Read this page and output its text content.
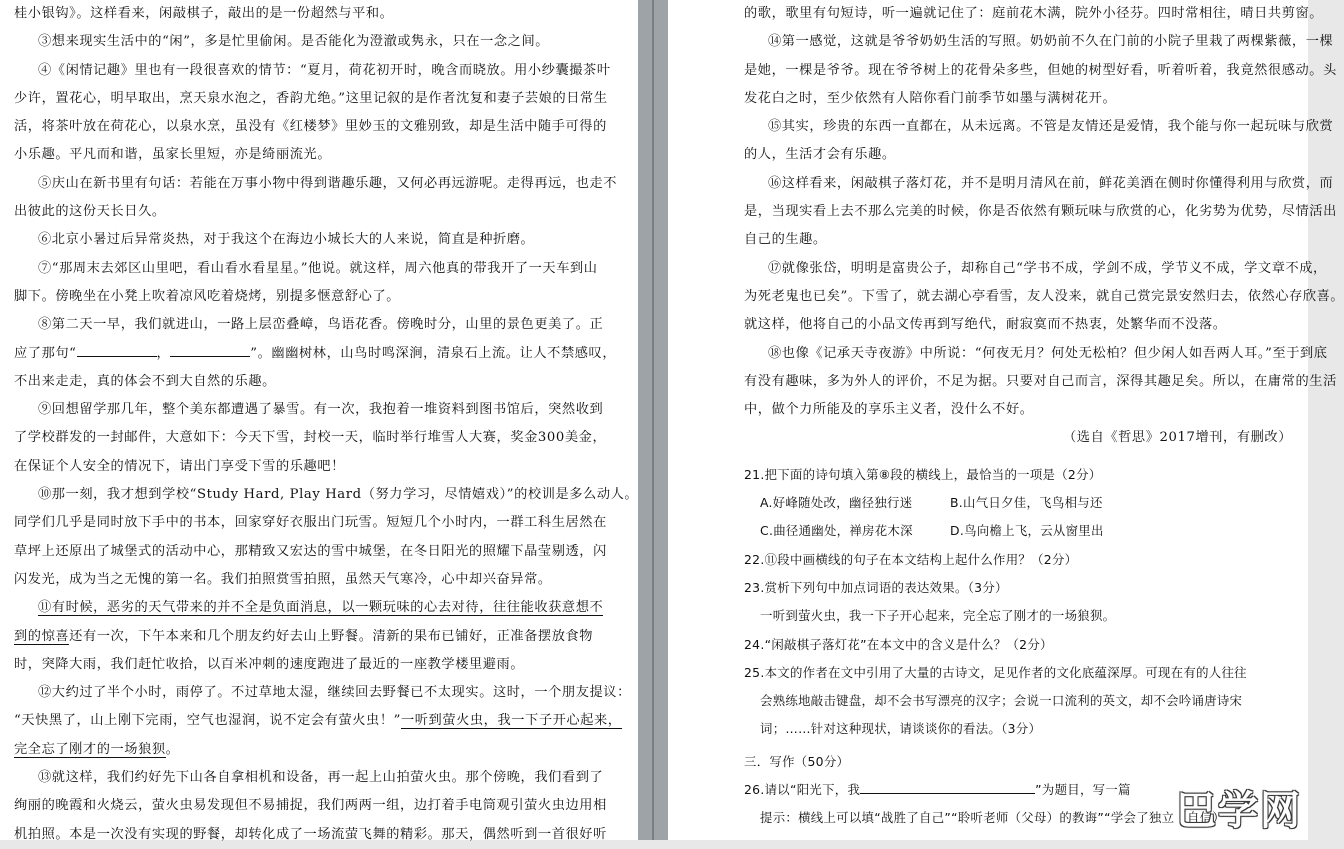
桂小银钩》。这样看来，闲敲棋子，敲出的是一份超然与平和。
③想来现实生活中的“闲”，多是忙里偷闲。是否能化为澄澈或隽永，只在一念之间。
④《闲情记趣》里也有一段很喜欢的情节：“夏月，荷花初开时，晚含而晓放。用小纱囊撮茶叶
少许，置花心，明早取出，烹天泉水泡之，香韵尤绝。”这里记叙的是作者沈复和妻子芸娘的日常生
活，将茶叶放在荷花心，以泉水烹，虽没有《红楼梦》里妙玉的文雅别致，却是生活中随手可得的
小乐趣。平凡而和谐，虽家长里短，亦是绮丽流光。
⑤庆山在新书里有句话：若能在万事小物中得到谐趣乐趣，又何必再远游呢。走得再远，也走不
出彼此的这份天长日久。
⑥北京小暑过后异常炎热，对于我这个在海边小城长大的人来说，简直是种折磨。
⑦“那周末去郊区山里吧，看山看水看星星。”他说。就这样，周六他真的带我开了一天车到山
脚下。傍晚坐在小凳上吹着凉风吃着烧烤，别提多惬意舒心了。
⑧第二天一早，我们就进山，一路上层峦叠嶂，鸟语花香。傍晚时分，山里的景色更美了。正
应了那句“	，	”。幽幽树林，山鸟时鸣深涧，清泉石上流。让人不禁感叹，
不出来走走，真的体会不到大自然的乐趣。
⑨回想留学那几年，整个美东都遭遇了暴雪。有一次，我抱着一堆资料到图书馆后，突然收到
了学校群发的一封邮件，大意如下：今天下雪，封校一天，临时举行堆雪人大赛，奖金300美金，
在保证个人安全的情况下，请出门享受下雪的乐趣吧！
⑩那一刻，我才想到学校“Study Hard, Play Hard（努力学习，尽情嬉戏）”的校训是多么动人。
同学们几乎是同时放下手中的书本，回家穿好衣服出门玩雪。短短几个小时内，一群工科生居然在
草坪上还原出了城堡式的活动中心，那精致又宏达的雪中城堡，在冬日阳光的照耀下晶莹剔透，闪
闪发光，成为当之无愧的第一名。我们拍照赏雪拍照，虽然天气寒冷，心中却兴奋异常。
⑪有时候，恶劣的天气带来的并不全是负面消息，以一颗玩味的心去对待，往往能收获意想不
到的惊喜还有一次，下午本来和几个朋友约好去山上野餐。清新的果布已铺好，正准备摆放食物
时，突降大雨，我们赶忙收拾，以百米冲刺的速度跑进了最近的一座教学楼里避雨。
⑫大约过了半个小时，雨停了。不过草地太湿，继续回去野餐已不太现实。这时，一个朋友提议：
“天快黑了，山上刚下完雨，空气也湿润，说不定会有萤火虫！”一听到萤火虫，我一下子开心起来，
完全忘了刚才的一场狼狈。
⑬就这样，我们约好先下山各自拿相机和设备，再一起上山拍萤火虫。那个傍晚，我们看到了
绚丽的晚霞和火烧云，萤火虫易发现但不易捕捉，我们两两一组，边打着手电筒观引萤火虫边用相
机拍照。本是一次没有实现的野餐，却转化成了一场流萤飞舞的精彩。那天，偶然听到一首很好听
的歌，歌里有句短诗，听一遍就记住了：庭前花木满，院外小径芬。四时常相往，晴日共剪窗。
⑭第一感觉，这就是爷爷奶奶生活的写照。奶奶前不久在门前的小院子里栽了两棵紫薇，一棵
是她，一棵是爷爷。现在爷爷树上的花骨朵多些，但她的树型好看，听着听着，我竟然很感动。头
发花白之时，至少依然有人陪你看门前季节如墨与满树花开。
⑮其实，珍贵的东西一直都在，从未远离。不管是友情还是爱情，我个能与你一起玩味与欣赏
的人，生活才会有乐趣。
⑯这样看来，闲敲棋子落灯花，并不是明月清风在前，鲜花美酒在侧时你懂得利用与欣赏，而
是，当现实看上去不那么完美的时候，你是否依然有颗玩味与欣赏的心，化劣势为优势，尽情活出
自己的生趣。
⑰就像张岱，明明是富贵公子，却称自己“学书不成，学剑不成，学节义不成，学文章不成，
为死老鬼也已矣”。下雪了，就去湖心亭看雪，友人没来，就自己赏完景安然归去，依然心存欣喜。
就这样，他将自己的小品文传再到写绝代，耐寂寞而不热衷，处繁华而不没落。
⑱也像《记承天寺夜游》中所说：“何夜无月？何处无松柏？但少闲人如吾两人耳。”至于到底
有没有趣味，多为外人的评价，不足为据。只要对自己而言，深得其趣足矣。所以，在庸常的生活
中，做个力所能及的享乐主义者，没什么不好。
（选自《哲思》2017增刊，有删改）
21.把下面的诗句填入第⑧段的横线上，最恰当的一项是（2分）
A.好峰随处改，幽径独行迷	B.山气日夕佳，飞鸟相与还
C.曲径通幽处，禅房花木深	D.鸟向檐上飞，云从窗里出
22.⑪段中画横线的句子在本文结构上起什么作用？（2分）
23.赏析下列句中加点词语的表达效果。（3分）
一听到萤火虫，我一下子开心起来，完全忘了刚才的一场狼狈。
24.“闲敲棋子落灯花”在本文中的含义是什么？（2分）
25.本文的作者在文中引用了大量的古诗文，足见作者的文化底蕴深厚。可现在有的人往往
会熟练地敲击键盘，却不会书写漂亮的汉字；会说一口流利的英文，却不会吟诵唐诗宋
词；……针对这种现状，请谈谈你的看法。（3分）
三．写作（50分）
26.请以“阳光下，我	”为题目，写一篇
提示：横线上可以填“战胜了自己”“聆听老师（父母）的教诲”“学会了独立（自信）
巴学网
